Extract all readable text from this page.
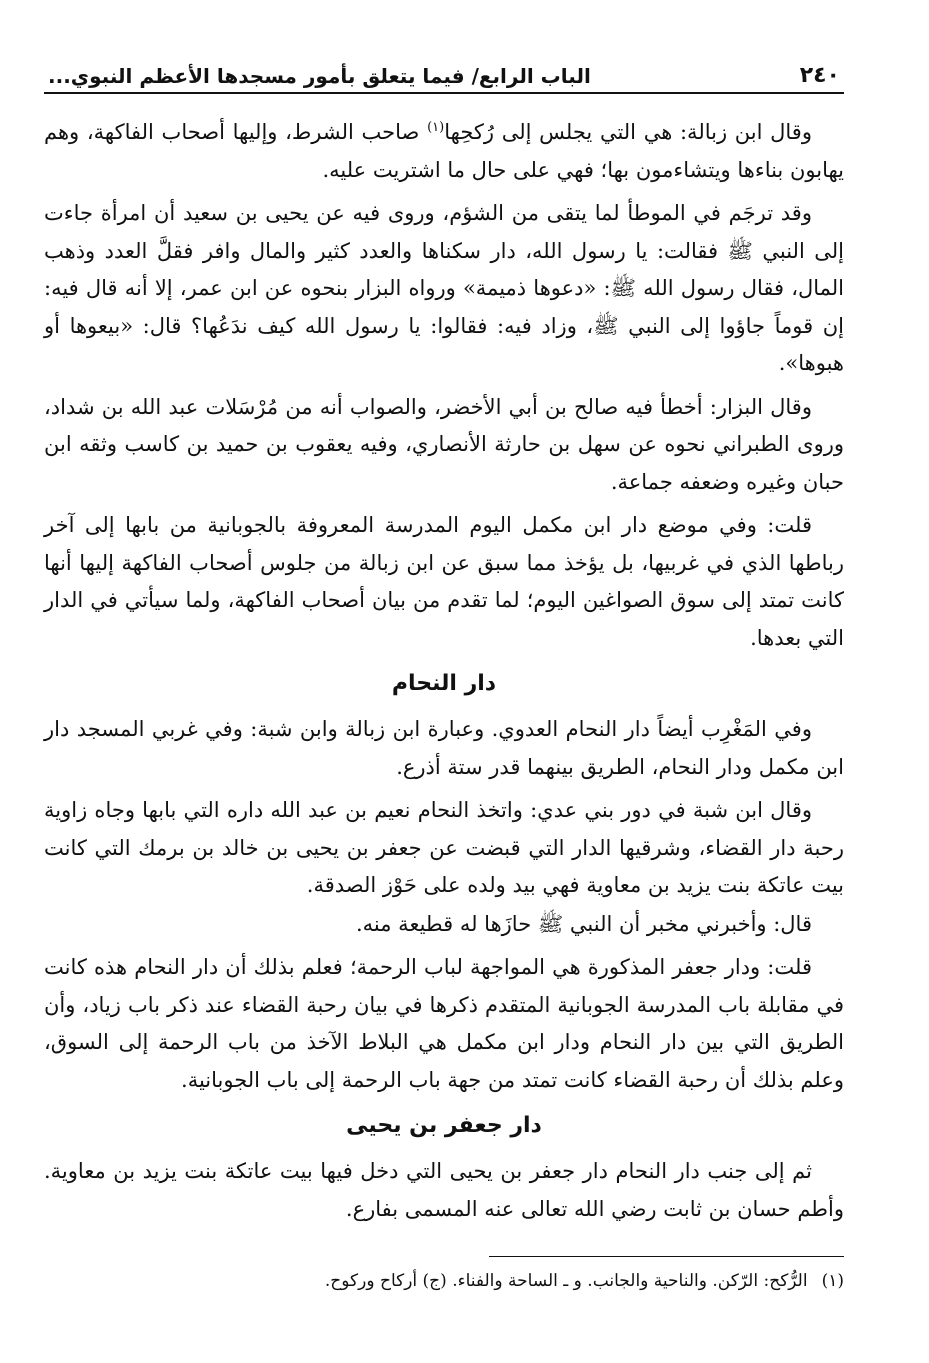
٢٤٠
الباب الرابع/ فيما يتعلق بأمور مسجدها الأعظم النبوي...

وقال ابن زبالة: هي التي يجلس إلى رُكحِها$^{(١)}$ صاحب الشرط، وإليها أصحاب الفاكهة، وهم يهابون بناءها ويتشاءمون بها؛ فهي على حال ما اشتريت عليه.

وقد ترجَم في الموطأ لما يتقى من الشؤم، وروى فيه عن يحيى بن سعيد أن امرأة جاءت إلى النبي ﷺ فقالت: يا رسول الله، دار سكناها والعدد كثير والمال وافر فقلَّ العدد وذهب المال، فقال رسول الله ﷺ: «دعوها ذميمة» ورواه البزار بنحوه عن ابن عمر، إلا أنه قال فيه: إن قوماً جاؤوا إلى النبي ﷺ، وزاد فيه: فقالوا: يا رسول الله كيف ندَعُها؟ قال: «بيعوها أو هبوها».

وقال البزار: أخطأ فيه صالح بن أبي الأخضر، والصواب أنه من مُرْسَلات عبد الله بن شداد، وروى الطبراني نحوه عن سهل بن حارثة الأنصاري، وفيه يعقوب بن حميد بن كاسب وثقه ابن حبان وغيره وضعفه جماعة.

قلت: وفي موضع دار ابن مكمل اليوم المدرسة المعروفة بالجوبانية من بابها إلى آخر رباطها الذي في غربيها، بل يؤخذ مما سبق عن ابن زبالة من جلوس أصحاب الفاكهة إليها أنها كانت تمتد إلى سوق الصواغين اليوم؛ لما تقدم من بيان أصحاب الفاكهة، ولما سيأتي في الدار التي بعدها.

دار النحام

وفي المَغْرِب أيضاً دار النحام العدوي. وعبارة ابن زبالة وابن شبة: وفي غربي المسجد دار ابن مكمل ودار النحام، الطريق بينهما قدر ستة أذرع.

وقال ابن شبة في دور بني عدي: واتخذ النحام نعيم بن عبد الله داره التي بابها وجاه زاوية رحبة دار القضاء، وشرقيها الدار التي قبضت عن جعفر بن يحيى بن خالد بن برمك التي كانت بيت عاتكة بنت يزيد بن معاوية فهي بيد ولده على حَوْز الصدقة.

قال: وأخبرني مخبر أن النبي ﷺ حازَها له قطيعة منه.

قلت: ودار جعفر المذكورة هي المواجهة لباب الرحمة؛ فعلم بذلك أن دار النحام هذه كانت في مقابلة باب المدرسة الجوبانية المتقدم ذكرها في بيان رحبة القضاء عند ذكر باب زياد، وأن الطريق التي بين دار النحام ودار ابن مكمل هي البلاط الآخذ من باب الرحمة إلى السوق، وعلم بذلك أن رحبة القضاء كانت تمتد من جهة باب الرحمة إلى باب الجوبانية.

دار جعفر بن يحيى

ثم إلى جنب دار النحام دار جعفر بن يحيى التي دخل فيها بيت عاتكة بنت يزيد بن معاوية. وأطم حسان بن ثابت رضي الله تعالى عنه المسمى بفارع.

(١)الرُّكح: الرّكن. والناحية والجانب. و ـ الساحة والفناء. (ج) أركاح وركوح.
